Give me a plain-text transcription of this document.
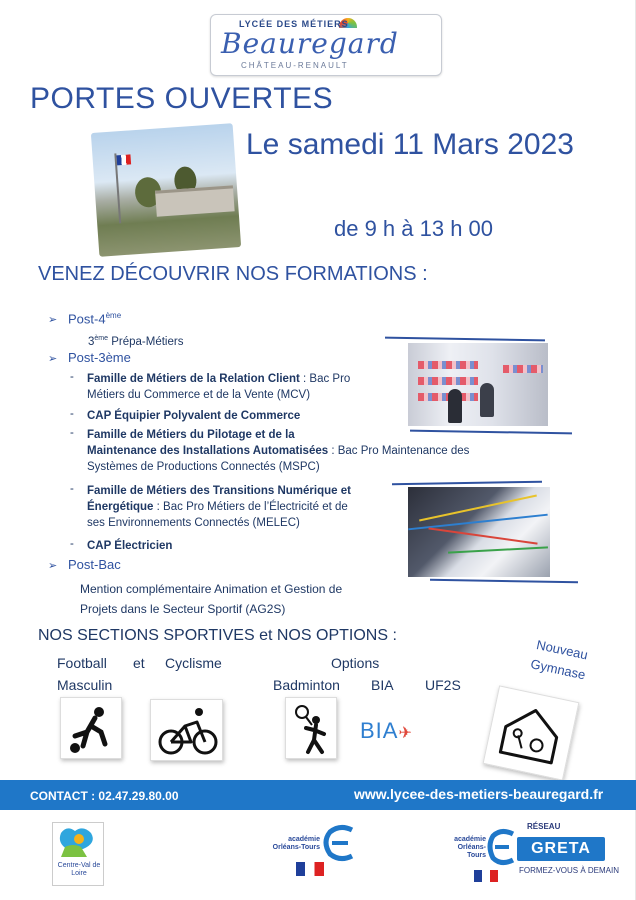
LYCÉE DES MÉTIERS
Beauregard
CHÂTEAU-RENAULT
PORTES OUVERTES
Le samedi 11 Mars 2023
de 9 h à 13 h 00
VENEZ DÉCOUVRIR NOS FORMATIONS :
➢ Post-4ème
3ème Prépa-Métiers
➢ Post-3ème
- Famille de Métiers de la Relation Client : Bac Pro
Métiers du Commerce et de la Vente (MCV)
- CAP Équipier Polyvalent de Commerce
- Famille de Métiers du Pilotage et de la
Maintenance des Installations Automatisées : Bac Pro Maintenance des
Systèmes de Productions Connectés (MSPC)
- Famille de Métiers des Transitions Numérique et
Énergétique : Bac Pro Métiers de l’Électricité et de
ses Environnements Connectés (MELEC)
- CAP Électricien
➢ Post-Bac
Mention complémentaire Animation et Gestion de
Projets dans le Secteur Sportif (AG2S)
NOS SECTIONS SPORTIVES et NOS OPTIONS :
Football et Cyclisme
Masculin
Options
Badminton BIA UF2S
BIA✈
Nouveau
Gymnase
CONTACT : 02.47.29.80.00	www.lycee-des-metiers-beauregard.fr
Centre-Val de Loire
académie
Orléans-Tours
académie
Orléans-Tours
RÉSEAU
GRETA
FORMEZ-VOUS À DEMAIN
